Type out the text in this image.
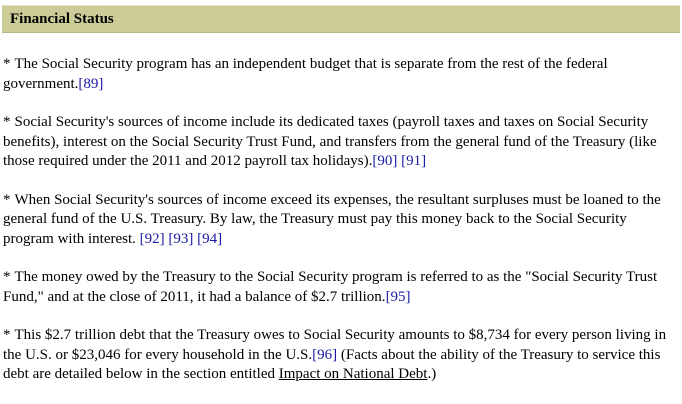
Financial Status

* The Social Security program has an independent budget that is separate from the rest of the federal government.[89]

* Social Security's sources of income include its dedicated taxes (payroll taxes and taxes on Social Security benefits), interest on the Social Security Trust Fund, and transfers from the general fund of the Treasury (like those required under the 2011 and 2012 payroll tax holidays).[90] [91]

* When Social Security's sources of income exceed its expenses, the resultant surpluses must be loaned to the general fund of the U.S. Treasury. By law, the Treasury must pay this money back to the Social Security program with interest. [92] [93] [94]

* The money owed by the Treasury to the Social Security program is referred to as the "Social Security Trust Fund," and at the close of 2011, it had a balance of $2.7 trillion.[95]

* This $2.7 trillion debt that the Treasury owes to Social Security amounts to $8,734 for every person living in the U.S. or $23,046 for every household in the U.S.[96] (Facts about the ability of the Treasury to service this debt are detailed below in the section entitled Impact on National Debt.)
